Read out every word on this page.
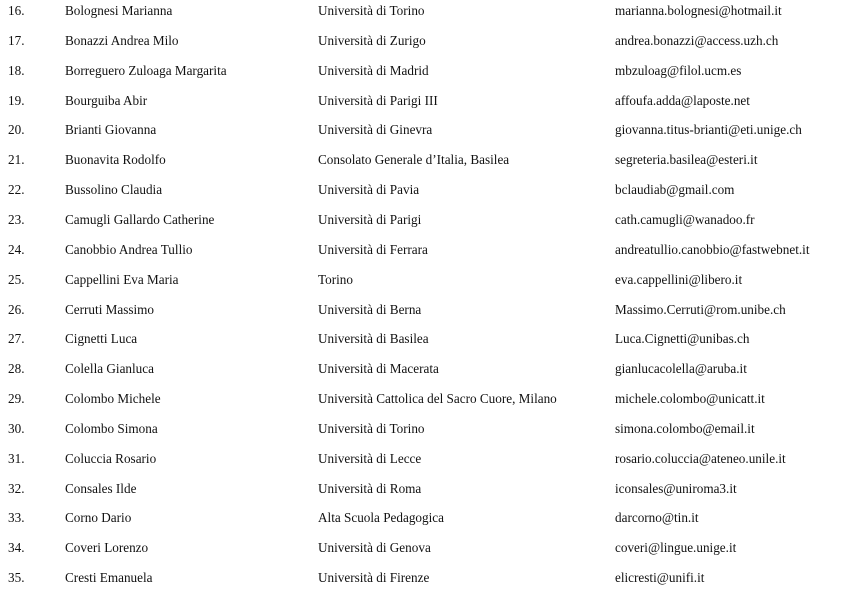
16.	Bolognesi Marianna	Università di Torino	marianna.bolognesi@hotmail.it
17.	Bonazzi Andrea Milo	Università di Zurigo	andrea.bonazzi@access.uzh.ch
18.	Borreguero Zuloaga Margarita	Università di Madrid	mbzuloag@filol.ucm.es
19.	Bourguiba Abir	Università di Parigi III	affoufa.adda@laposte.net
20.	Brianti Giovanna	Università di Ginevra	giovanna.titus-brianti@eti.unige.ch
21.	Buonavita Rodolfo	Consolato Generale d’Italia, Basilea	segreteria.basilea@esteri.it
22.	Bussolino Claudia	Università di Pavia	bclaudiab@gmail.com
23.	Camugli Gallardo Catherine	Università di Parigi	cath.camugli@wanadoo.fr
24.	Canobbio Andrea Tullio	Università di Ferrara	andreatullio.canobbio@fastwebnet.it
25.	Cappellini Eva Maria	Torino	eva.cappellini@libero.it
26.	Cerruti Massimo	Università di Berna	Massimo.Cerruti@rom.unibe.ch
27.	Cignetti Luca	Università di Basilea	Luca.Cignetti@unibas.ch
28.	Colella Gianluca	Università di Macerata	gianlucacolella@aruba.it
29.	Colombo Michele	Università Cattolica del Sacro Cuore, Milano	michele.colombo@unicatt.it
30.	Colombo Simona	Università di Torino	simona.colombo@email.it
31.	Coluccia Rosario	Università di Lecce	rosario.coluccia@ateneo.unile.it
32.	Consales Ilde	Università di Roma	iconsales@uniroma3.it
33.	Corno Dario	Alta Scuola Pedagogica	darcorno@tin.it
34.	Coveri Lorenzo	Università di Genova	coveri@lingue.unige.it
35.	Cresti Emanuela	Università di Firenze	elicresti@unifi.it
